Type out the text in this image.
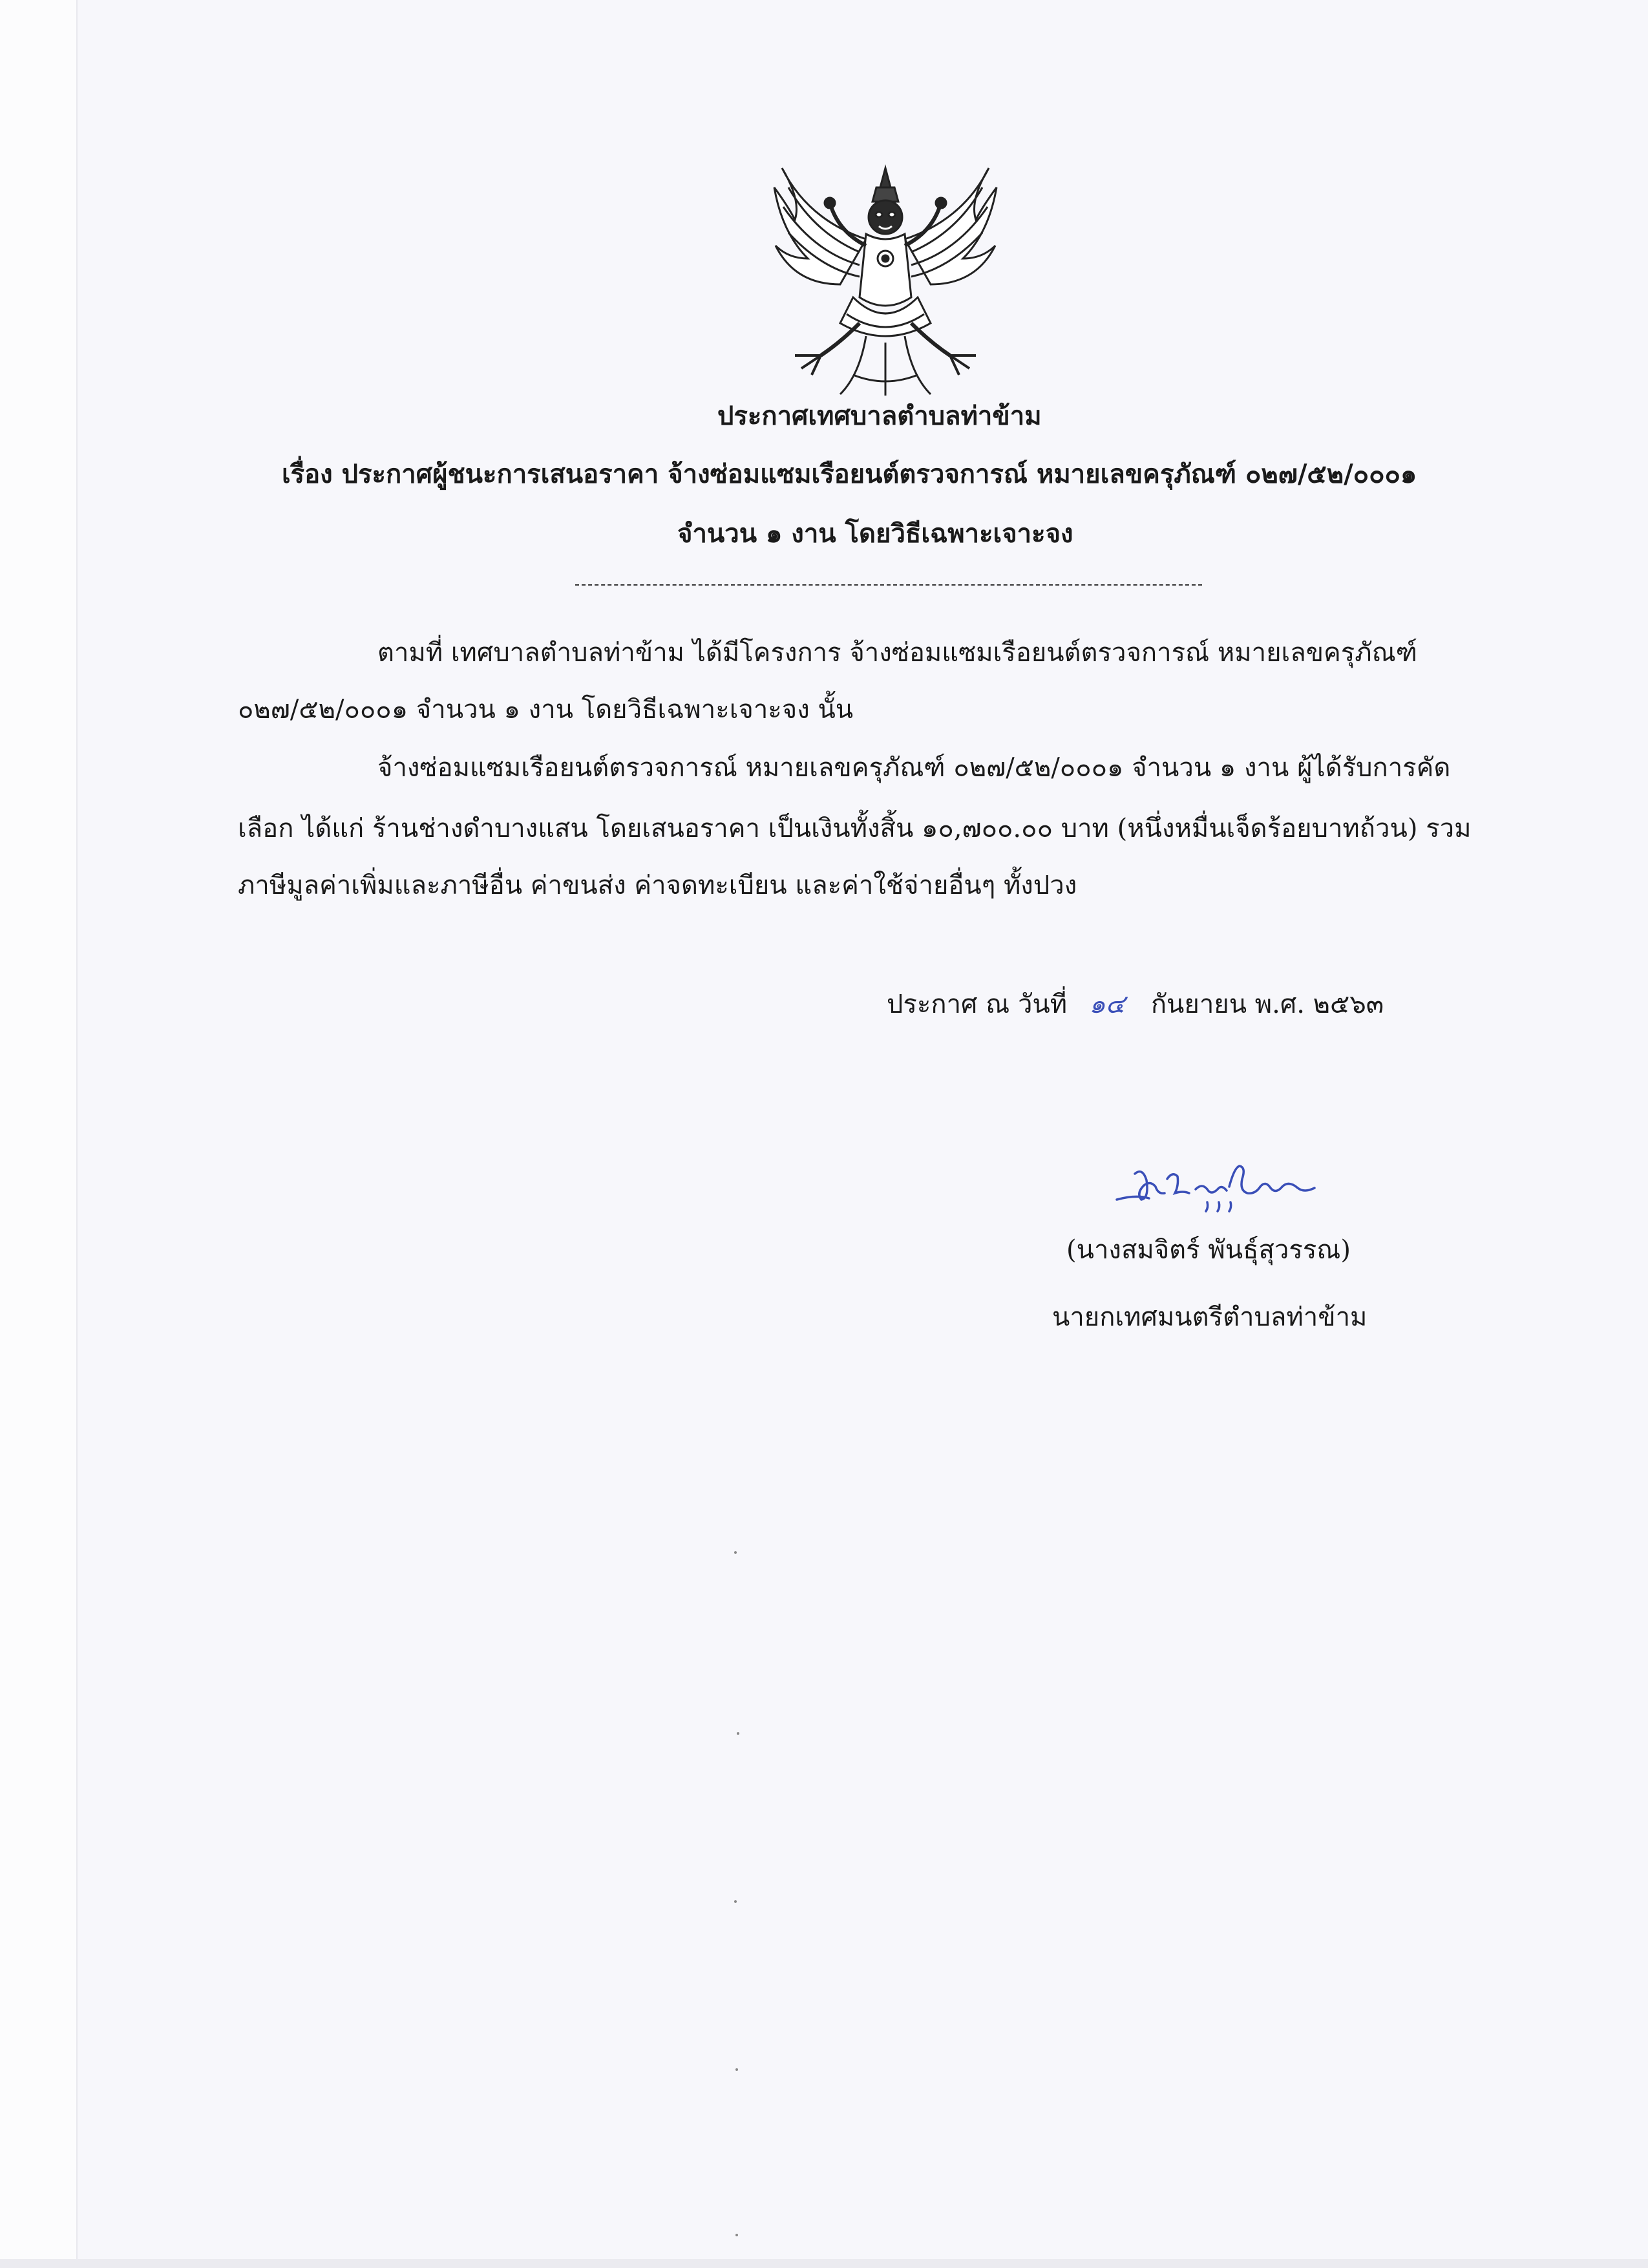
ประกาศเทศบาลตำบลท่าข้าม
เรื่อง ประกาศผู้ชนะการเสนอราคา จ้างซ่อมแซมเรือยนต์ตรวจการณ์ หมายเลขครุภัณฑ์ ๐๒๗/๕๒/๐๐๐๑
จำนวน ๑ งาน โดยวิธีเฉพาะเจาะจง
ตามที่ เทศบาลตำบลท่าข้าม ได้มีโครงการ จ้างซ่อมแซมเรือยนต์ตรวจการณ์ หมายเลขครุภัณฑ์
๐๒๗/๕๒/๐๐๐๑ จำนวน ๑ งาน โดยวิธีเฉพาะเจาะจง นั้น
จ้างซ่อมแซมเรือยนต์ตรวจการณ์ หมายเลขครุภัณฑ์ ๐๒๗/๕๒/๐๐๐๑ จำนวน ๑ งาน ผู้ได้รับการคัด
เลือก ได้แก่ ร้านช่างดำบางแสน โดยเสนอราคา เป็นเงินทั้งสิ้น ๑๐,๗๐๐.๐๐ บาท (หนึ่งหมื่นเจ็ดร้อยบาทถ้วน) รวม
ภาษีมูลค่าเพิ่มและภาษีอื่น ค่าขนส่ง ค่าจดทะเบียน และค่าใช้จ่ายอื่นๆ ทั้งปวง
ประกาศ ณ วันที่ ๑๔ กันยายน พ.ศ. ๒๕๖๓
(นางสมจิตร์ พันธุ์สุวรรณ)
นายกเทศมนตรีตำบลท่าข้าม
